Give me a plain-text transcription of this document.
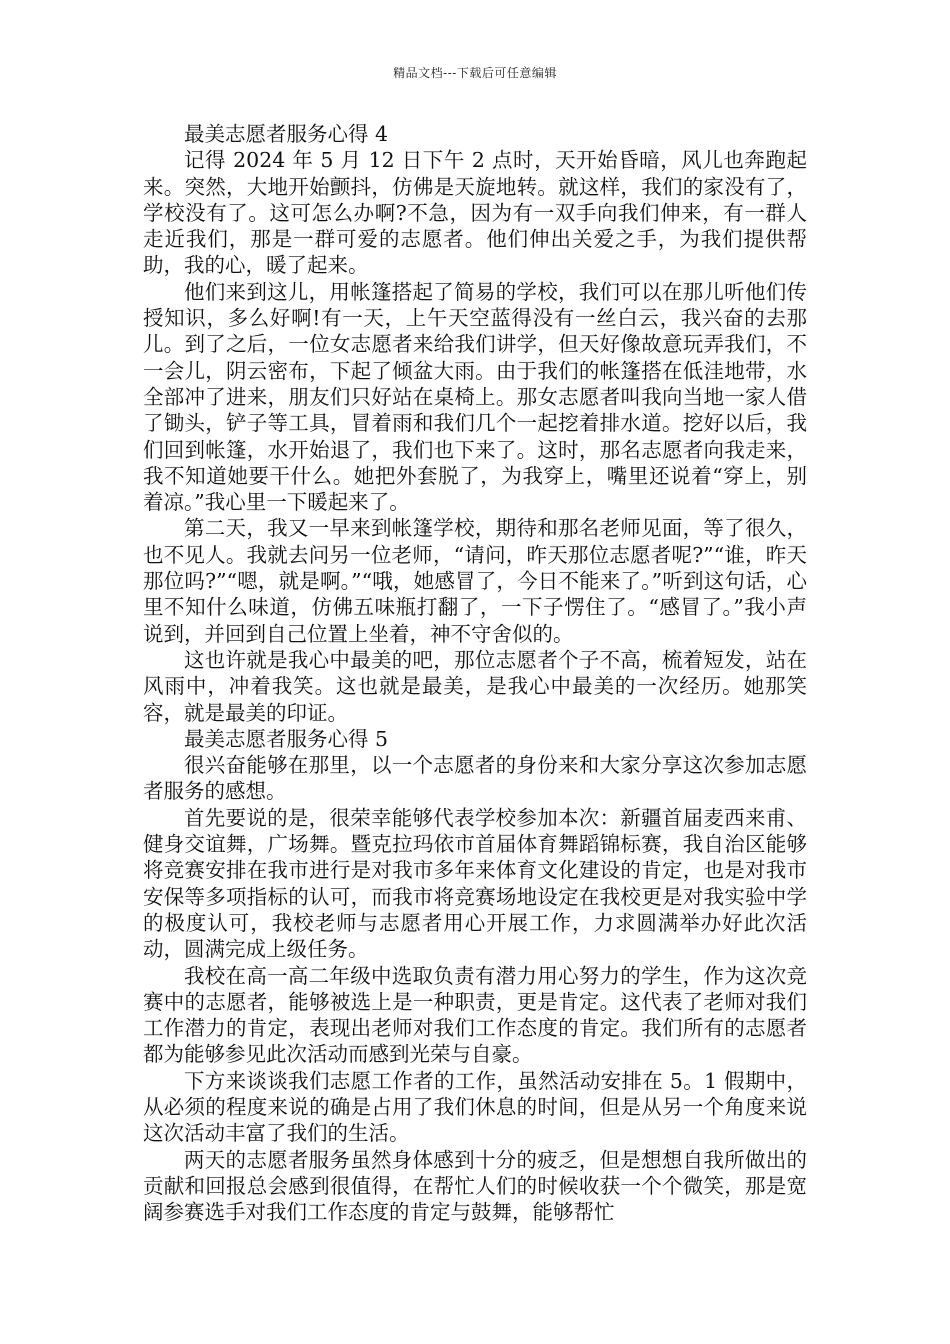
精品文档---下载后可任意编辑

最美志愿者服务心得 4

记得 2024 年 5 月 12 日下午 2 点时，天开始昏暗，风儿也奔跑起来。突然，大地开始颤抖，仿佛是天旋地转。就这样，我们的家没有了，学校没有了。这可怎么办啊?不急，因为有一双手向我们伸来，有一群人走近我们，那是一群可爱的志愿者。他们伸出关爱之手，为我们提供帮助，我的心，暖了起来。

他们来到这儿，用帐篷搭起了简易的学校，我们可以在那儿听他们传授知识，多么好啊!有一天，上午天空蓝得没有一丝白云，我兴奋的去那儿。到了之后，一位女志愿者来给我们讲学，但天好像故意玩弄我们，不一会儿，阴云密布，下起了倾盆大雨。由于我们的帐篷搭在低洼地带，水全部冲了进来，朋友们只好站在桌椅上。那女志愿者叫我向当地一家人借了锄头，铲子等工具，冒着雨和我们几个一起挖着排水道。挖好以后，我们回到帐篷，水开始退了，我们也下来了。这时，那名志愿者向我走来，我不知道她要干什么。她把外套脱了，为我穿上，嘴里还说着“穿上，别着凉。”我心里一下暖起来了。

第二天，我又一早来到帐篷学校，期待和那名老师见面，等了很久，也不见人。我就去问另一位老师，“请问，昨天那位志愿者呢?”“谁，昨天那位吗?”“嗯，就是啊。”“哦，她感冒了，今日不能来了。”听到这句话，心里不知什么味道，仿佛五味瓶打翻了，一下子愣住了。“感冒了。”我小声说到，并回到自己位置上坐着，神不守舍似的。

这也许就是我心中最美的吧，那位志愿者个子不高，梳着短发，站在风雨中，冲着我笑。这也就是最美，是我心中最美的一次经历。她那笑容，就是最美的印证。

最美志愿者服务心得 5

很兴奋能够在那里，以一个志愿者的身份来和大家分享这次参加志愿者服务的感想。

首先要说的是，很荣幸能够代表学校参加本次：新疆首届麦西来甫、健身交谊舞，广场舞。暨克拉玛依市首届体育舞蹈锦标赛，我自治区能够将竞赛安排在我市进行是对我市多年来体育文化建设的肯定，也是对我市安保等多项指标的认可，而我市将竞赛场地设定在我校更是对我实验中学的极度认可，我校老师与志愿者用心开展工作，力求圆满举办好此次活动，圆满完成上级任务。

我校在高一高二年级中选取负责有潜力用心努力的学生，作为这次竞赛中的志愿者，能够被选上是一种职责，更是肯定。这代表了老师对我们工作潜力的肯定，表现出老师对我们工作态度的肯定。我们所有的志愿者都为能够参见此次活动而感到光荣与自豪。

下方来谈谈我们志愿工作者的工作，虽然活动安排在 5。1 假期中，从必须的程度来说的确是占用了我们休息的时间，但是从另一个角度来说这次活动丰富了我们的生活。

两天的志愿者服务虽然身体感到十分的疲乏，但是想想自我所做出的贡献和回报总会感到很值得，在帮忙人们的时候收获一个个微笑，那是宽阔参赛选手对我们工作态度的肯定与鼓舞，能够帮忙
